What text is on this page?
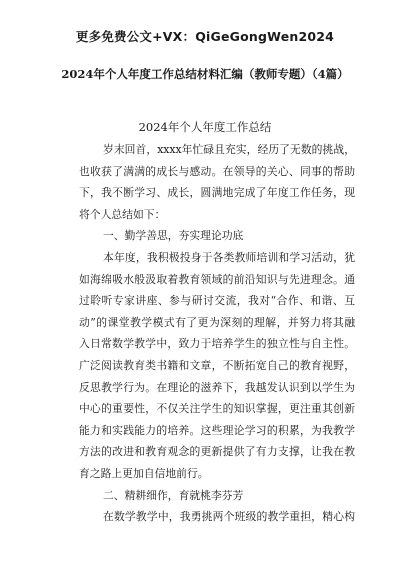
更多免费公文+VX：QiGeGongWen2024
2024年个人年度工作总结材料汇编（教师专题）（4篇）
2024年个人年度工作总结
岁末回首，xxxx年忙碌且充实，经历了无数的挑战，
也收获了满满的成长与感动。在领导的关心、同事的帮助
下，我不断学习、成长，圆满地完成了年度工作任务，现
将个人总结如下：
一、勤学善思，夯实理论功底
本年度，我积极投身于各类教师培训和学习活动，犹
如海绵吸水般汲取着教育领域的前沿知识与先进理念。通
过聆听专家讲座、参与研讨交流，我对“合作、和谐、互
动”的课堂教学模式有了更为深刻的理解，并努力将其融
入日常数学教学中，致力于培养学生的独立性与自主性。
广泛阅读教育类书籍和文章，不断拓宽自己的教育视野，
反思教学行为。在理论的滋养下，我越发认识到以学生为
中心的重要性，不仅关注学生的知识掌握，更注重其创新
能力和实践能力的培养。这些理论学习的积累，为我教学
方法的改进和教育观念的更新提供了有力支撑，让我在教
育之路上更加自信地前行。
二、精耕细作，育就桃李芬芳
在数学教学中，我勇挑两个班级的教学重担，精心构
